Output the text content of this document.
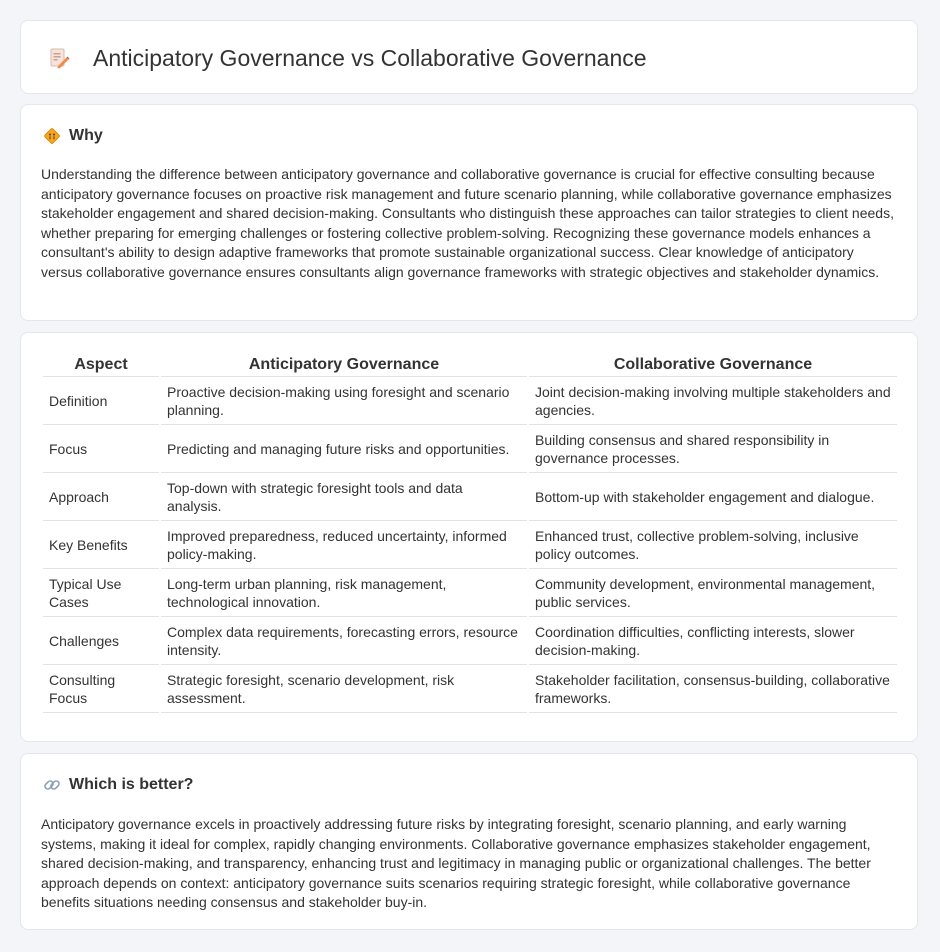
Anticipatory Governance vs Collaborative Governance
Why

Understanding the difference between anticipatory governance and collaborative governance is crucial for effective consulting because anticipatory governance focuses on proactive risk management and future scenario planning, while collaborative governance emphasizes stakeholder engagement and shared decision-making. Consultants who distinguish these approaches can tailor strategies to client needs, whether preparing for emerging challenges or fostering collective problem-solving. Recognizing these governance models enhances a consultant's ability to design adaptive frameworks that promote sustainable organizational success. Clear knowledge of anticipatory versus collaborative governance ensures consultants align governance frameworks with strategic objectives and stakeholder dynamics.

Aspect	Anticipatory Governance	Collaborative Governance
Definition	Proactive decision-making using foresight and scenario planning.	Joint decision-making involving multiple stakeholders and agencies.
Focus	Predicting and managing future risks and opportunities.	Building consensus and shared responsibility in governance processes.
Approach	Top-down with strategic foresight tools and data analysis.	Bottom-up with stakeholder engagement and dialogue.
Key Benefits	Improved preparedness, reduced uncertainty, informed policy-making.	Enhanced trust, collective problem-solving, inclusive policy outcomes.
Typical Use Cases	Long-term urban planning, risk management, technological innovation.	Community development, environmental management, public services.
Challenges	Complex data requirements, forecasting errors, resource intensity.	Coordination difficulties, conflicting interests, slower decision-making.
Consulting Focus	Strategic foresight, scenario development, risk assessment.	Stakeholder facilitation, consensus-building, collaborative frameworks.
Which is better?

Anticipatory governance excels in proactively addressing future risks by integrating foresight, scenario planning, and early warning systems, making it ideal for complex, rapidly changing environments. Collaborative governance emphasizes stakeholder engagement, shared decision-making, and transparency, enhancing trust and legitimacy in managing public or organizational challenges. The better approach depends on context: anticipatory governance suits scenarios requiring strategic foresight, while collaborative governance benefits situations needing consensus and stakeholder buy-in.
